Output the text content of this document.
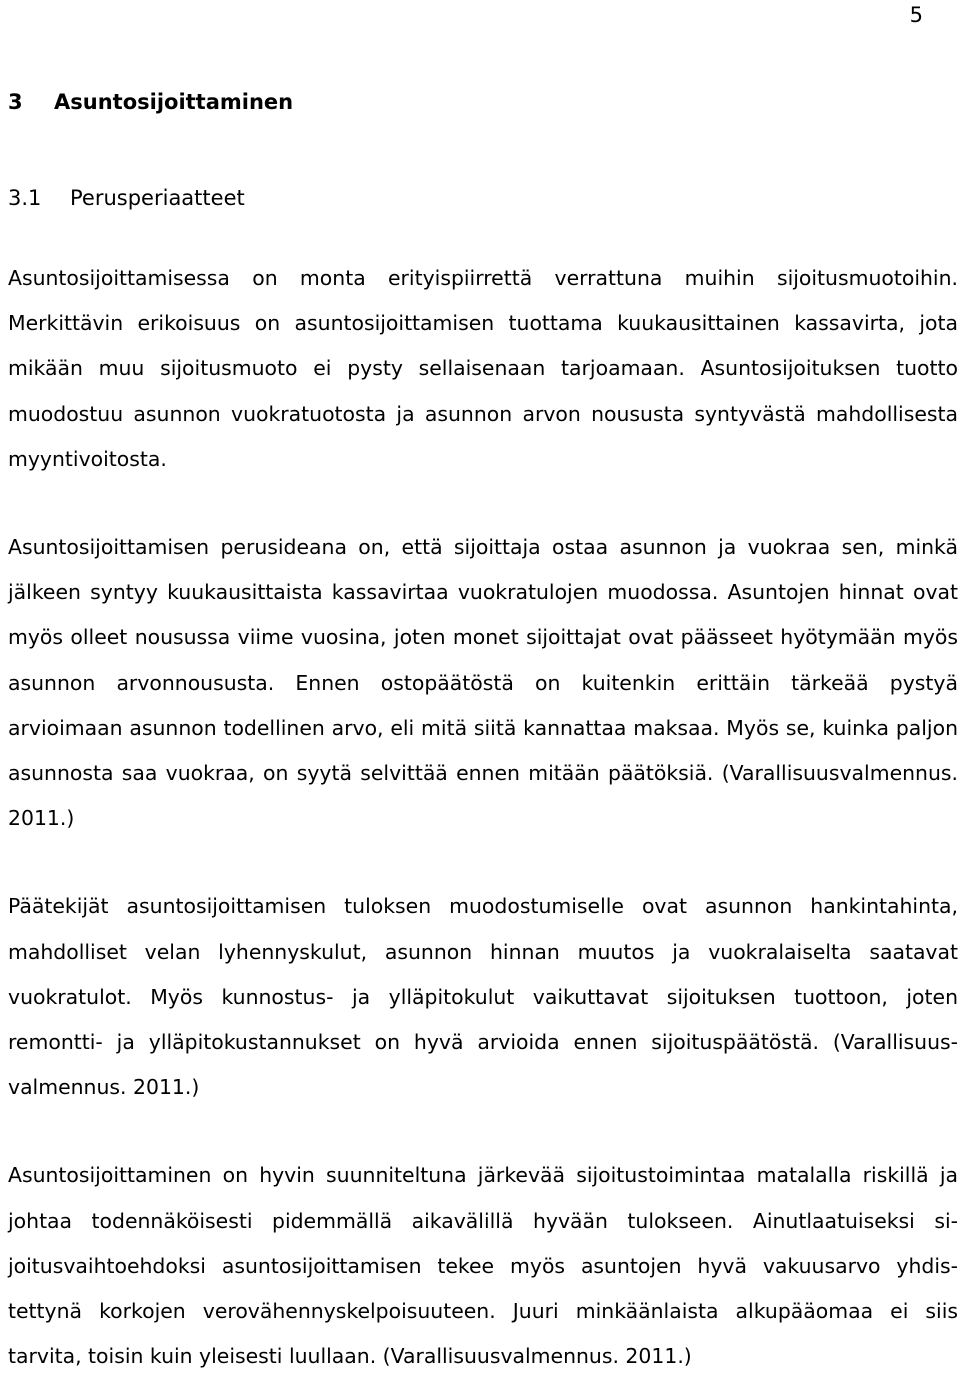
5
3 Asuntosijoittaminen
3.1 Perusperiaatteet

Asuntosijoittamisessa on monta erityispiirrettä verrattuna muihin sijoitusmuotoihin. Merkittävin erikoisuus on asuntosijoittamisen tuottama kuukausittainen kassavirta, jota mikään muu sijoitusmuoto ei pysty sellaisenaan tarjoamaan. Asuntosijoituksen tuotto muodostuu asunnon vuokratuotosta ja asunnon arvon noususta syntyvästä mahdollisesta myyntivoitosta.

Asuntosijoittamisen perusideana on, että sijoittaja ostaa asunnon ja vuokraa sen, minkä jälkeen syntyy kuukausittaista kassavirtaa vuokratulojen muodossa. Asuntojen hinnat ovat myös olleet nousussa viime vuosina, joten monet sijoittajat ovat päässeet hyötymään myös asunnon arvonnoususta. Ennen ostopäätöstä on kuitenkin erittäin tärkeää pystyä arvioimaan asunnon todellinen arvo, eli mitä siitä kannattaa maksaa. Myös se, kuinka paljon asunnosta saa vuokraa, on syytä selvittää ennen mitään päätöksiä. (Varallisuusvalmennus. 2011.)

Päätekijät asuntosijoittamisen tuloksen muodostumiselle ovat asunnon hankintahinta, mahdolliset velan lyhennyskulut, asunnon hinnan muutos ja vuokralaiselta saatavat vuokratulot. Myös kunnostus- ja ylläpitokulut vaikuttavat sijoituksen tuottoon, joten remontti- ja ylläpitokustannukset on hyvä arvioida ennen sijoituspäätöstä. (Varallisuusvalmennus. 2011.)

Asuntosijoittaminen on hyvin suunniteltuna järkevää sijoitustoimintaa matalalla riskillä ja johtaa todennäköisesti pidemmällä aikavälillä hyvään tulokseen. Ainutlaatuiseksi sijoitusvaihtoehdoksi asuntosijoittamisen tekee myös asuntojen hyvä vakuusarvo yhdistettynä korkojen verovähennyskelpoisuuteen. Juuri minkäänlaista alkupääomaa ei siis tarvita, toisin kuin yleisesti luullaan. (Varallisuusvalmennus. 2011.)
